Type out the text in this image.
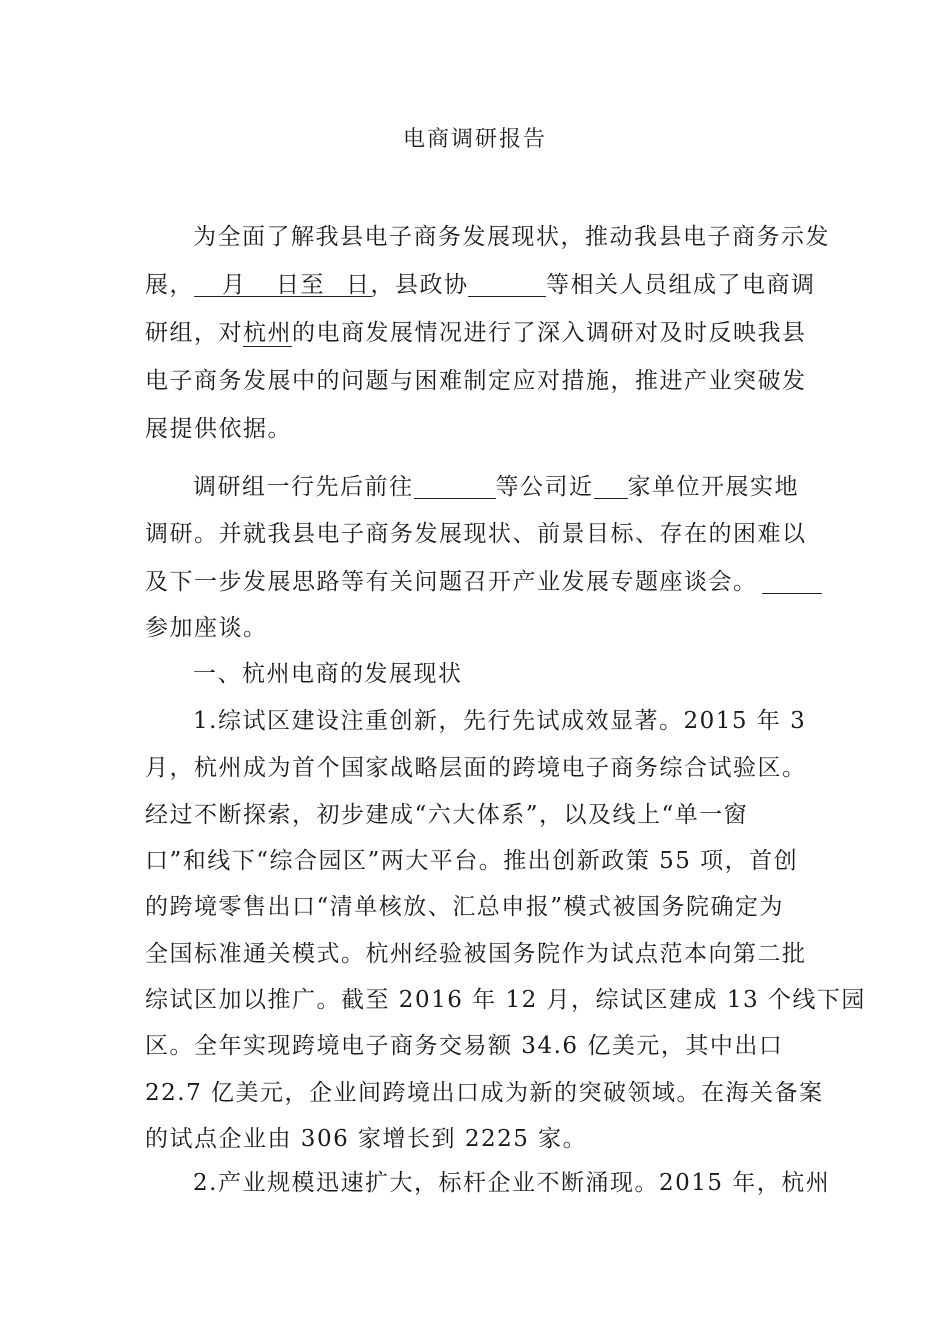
电商调研报告
为全面了解我县电子商务发展现状，推动我县电子商务示发
展， 月 日至 日，县政协	等相关人员组成了电商调
研组，对杭州的电商发展情况进行了深入调研对及时反映我县
电子商务发展中的问题与困难制定应对措施，推进产业突破发
展提供依据。
调研组一行先后前往	等公司近 家单位开展实地
调研。并就我县电子商务发展现状、前景目标、存在的困难以
及下一步发展思路等有关问题召开产业发展专题座谈会。
参加座谈。
一、杭州电商的发展现状
1.综试区建设注重创新，先行先试成效显著。2015 年 3
月，杭州成为首个国家战略层面的跨境电子商务综合试验区。
经过不断探索，初步建成“六大体系”，以及线上“单一窗
口”和线下“综合园区”两大平台。推出创新政策 55 项，首创
的跨境零售出口“清单核放、汇总申报”模式被国务院确定为
全国标准通关模式。杭州经验被国务院作为试点范本向第二批
综试区加以推广。截至 2016 年 12 月，综试区建成 13 个线下园
区。全年实现跨境电子商务交易额 34.6 亿美元，其中出口
22.7 亿美元，企业间跨境出口成为新的突破领域。在海关备案
的试点企业由 306 家增长到 2225 家。
2.产业规模迅速扩大，标杆企业不断涌现。2015 年，杭州
